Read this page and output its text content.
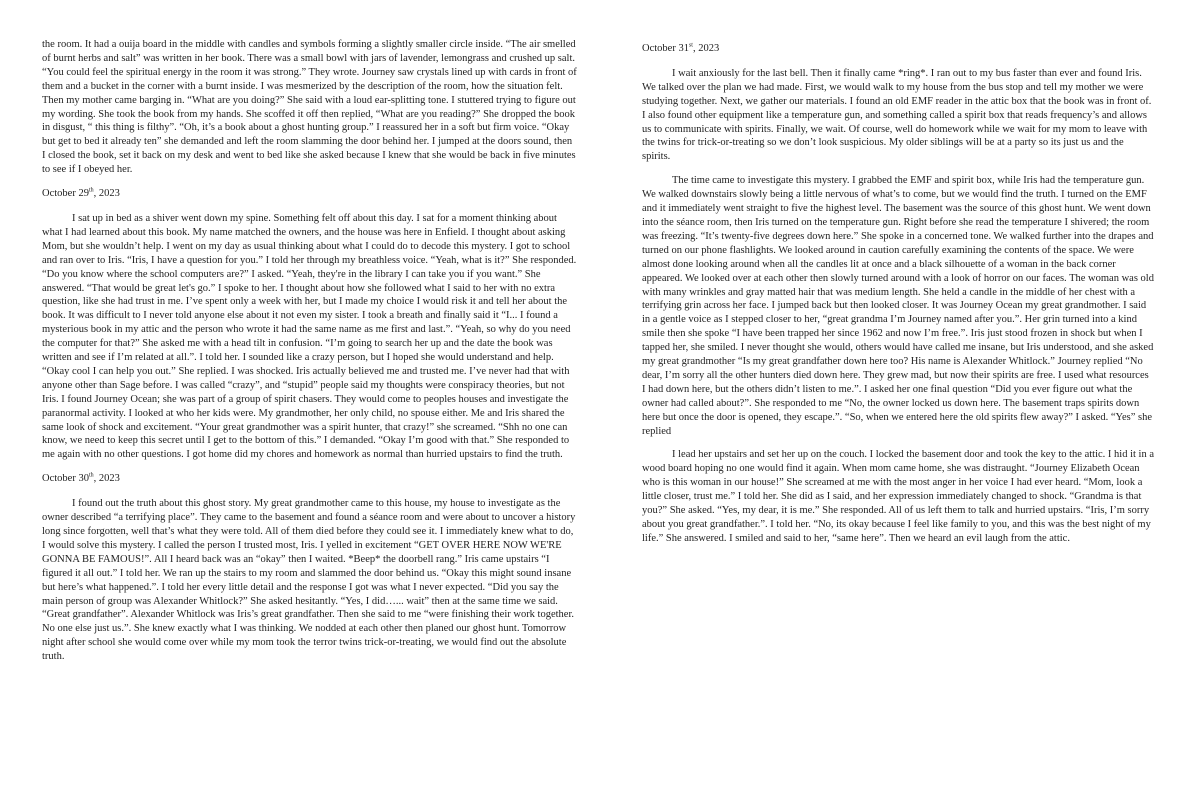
the room. It had a ouija board in the middle with candles and symbols forming a slightly smaller circle inside. “The air smelled of burnt herbs and salt” was written in her book. There was a small bowl with jars of lavender, lemongrass and crushed up salt. “You could feel the spiritual energy in the room it was strong.” They wrote. Journey saw crystals lined up with cards in front of them and a bucket in the corner with a burnt inside. I was mesmerized by the description of the room, how the situation felt. Then my mother came barging in. “What are you doing?” She said with a loud ear-splitting tone. I stuttered trying to figure out my wording. She took the book from my hands. She scoffed it off then replied, “What are you reading?” She dropped the book in disgust, “ this thing is filthy”. “Oh, it’s a book about a ghost hunting group.” I reassured her in a soft but firm voice. “Okay but get to bed it already ten” she demanded and left the room slamming the door behind her. I jumped at the doors sound, then I closed the book, set it back on my desk and went to bed like she asked because I knew that she would be back in five minutes to see if I obeyed her.

October 29th, 2023

I sat up in bed as a shiver went down my spine. Something felt off about this day. I sat for a moment thinking about what I had learned about this book. My name matched the owners, and the house was here in Enfield. I thought about asking Mom, but she wouldn’t help. I went on my day as usual thinking about what I could do to decode this mystery. I got to school and ran over to Iris. “Iris, I have a question for you.” I told her through my breathless voice. “Yeah, what is it?” She responded. “Do you know where the school computers are?” I asked. “Yeah, they're in the library I can take you if you want.” She answered. “That would be great let's go.” I spoke to her. I thought about how she followed what I said to her with no extra question, like she had trust in me. I’ve spent only a week with her, but I made my choice I would risk it and tell her about the book. It was difficult to I never told anyone else about it not even my sister. I took a breath and finally said it “I... I found a mysterious book in my attic and the person who wrote it had the same name as me first and last.”. “Yeah, so why do you need the computer for that?” She asked me with a head tilt in confusion. “I’m going to search her up and the date the book was written and see if I’m related at all.”. I told her. I sounded like a crazy person, but I hoped she would understand and help. “Okay cool I can help you out.” She replied. I was shocked. Iris actually believed me and trusted me. I’ve never had that with anyone other than Sage before. I was called “crazy”, and “stupid” people said my thoughts were conspiracy theories, but not Iris. I found Journey Ocean; she was part of a group of spirit chasers. They would come to peoples houses and investigate the paranormal activity. I looked at who her kids were. My grandmother, her only child, no spouse either. Me and Iris shared the same look of shock and excitement. “Your great grandmother was a spirit hunter, that crazy!” she screamed. “Shh no one can know, we need to keep this secret until I get to the bottom of this.” I demanded. “Okay I’m good with that.” She responded to me again with no other questions. I got home did my chores and homework as normal than hurried upstairs to find the truth.

October 30th, 2023

I found out the truth about this ghost story. My great grandmother came to this house, my house to investigate as the owner described “a terrifying place”. They came to the basement and found a séance room and were about to uncover a history long since forgotten, well that’s what they were told. All of them died before they could see it. I immediately knew what to do, I would solve this mystery. I called the person I trusted most, Iris. I yelled in excitement “GET OVER HERE NOW WE'RE GONNA BE FAMOUS!”. All I heard back was an “okay” then I waited. *Beep* the doorbell rang.” Iris came upstairs “I figured it all out.” I told her. We ran up the stairs to my room and slammed the door behind us. “Okay this might sound insane but here’s what happened.”. I told her every little detail and the response I got was what I never expected. “Did you say the main person of group was Alexander Whitlock?” She asked hesitantly. “Yes, I did…... wait” then at the same time we said. “Great grandfather”. Alexander Whitlock was Iris’s great grandfather. Then she said to me “were finishing their work together. No one else just us.”. She knew exactly what I was thinking. We nodded at each other then planed our ghost hunt. Tomorrow night after school she would come over while my mom took the terror twins trick-or-treating, we would find out the absolute truth.

October 31st, 2023

I wait anxiously for the last bell. Then it finally came *ring*. I ran out to my bus faster than ever and found Iris. We talked over the plan we had made. First, we would walk to my house from the bus stop and tell my mother we were studying together. Next, we gather our materials. I found an old EMF reader in the attic box that the book was in front of. I also found other equipment like a temperature gun, and something called a spirit box that reads frequency’s and allows us to communicate with spirits. Finally, we wait. Of course, well do homework while we wait for my mom to leave with the twins for trick-or-treating so we don’t look suspicious. My older siblings will be at a party so its just us and the spirits.

The time came to investigate this mystery. I grabbed the EMF and spirit box, while Iris had the temperature gun. We walked downstairs slowly being a little nervous of what’s to come, but we would find the truth. I turned on the EMF and it immediately went straight to five the highest level. The basement was the source of this ghost hunt. We went down into the séance room, then Iris turned on the temperature gun. Right before she read the temperature I shivered; the room was freezing. “It’s twenty-five degrees down here.” She spoke in a concerned tone. We walked further into the drapes and turned on our phone flashlights. We looked around in caution carefully examining the contents of the space. We were almost done looking around when all the candles lit at once and a black silhouette of a woman in the back corner appeared. We looked over at each other then slowly turned around with a look of horror on our faces. The woman was old with many wrinkles and gray matted hair that was medium length. She held a candle in the middle of her chest with a terrifying grin across her face. I jumped back but then looked closer. It was Journey Ocean my great grandmother. I said in a gentle voice as I stepped closer to her, “great grandma I’m Journey named after you.”. Her grin turned into a kind smile then she spoke “I have been trapped her since 1962 and now I’m free.”. Iris just stood frozen in shock but when I tapped her, she smiled. I never thought she would, others would have called me insane, but Iris understood, and she asked my great grandmother “Is my great grandfather down here too? His name is Alexander Whitlock.” Journey replied “No dear, I’m sorry all the other hunters died down here. They grew mad, but now their spirits are free. I used what resources I had down here, but the others didn’t listen to me.”. I asked her one final question “Did you ever figure out what the owner had called about?”. She responded to me “No, the owner locked us down here. The basement traps spirits down here but once the door is opened, they escape.”. “So, when we entered here the old spirits flew away?” I asked. “Yes” she replied

I lead her upstairs and set her up on the couch. I locked the basement door and took the key to the attic. I hid it in a wood board hoping no one would find it again. When mom came home, she was distraught. “Journey Elizabeth Ocean who is this woman in our house!” She screamed at me with the most anger in her voice I had ever heard. “Mom, look a little closer, trust me.” I told her. She did as I said, and her expression immediately changed to shock. “Grandma is that you?” She asked. “Yes, my dear, it is me.” She responded. All of us left them to talk and hurried upstairs. “Iris, I’m sorry about you great grandfather.”. I told her. “No, its okay because I feel like family to you, and this was the best night of my life.” She answered. I smiled and said to her, “same here”. Then we heard an evil laugh from the attic.
